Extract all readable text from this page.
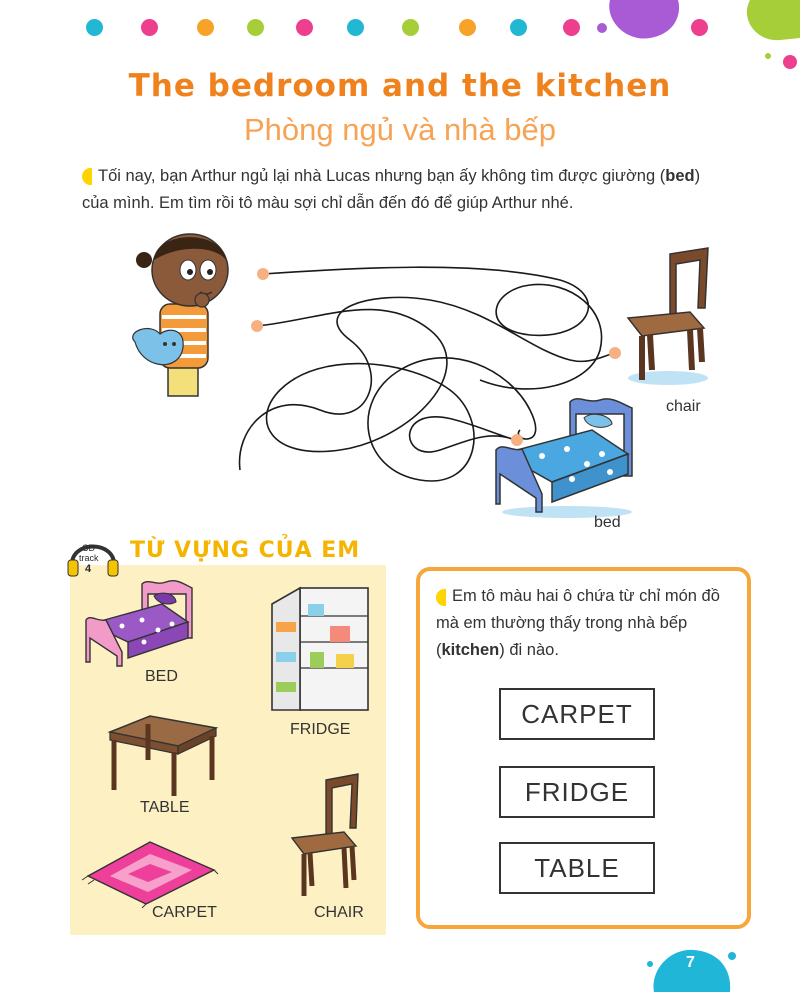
The bedroom and the kitchen
Phòng ngủ và nhà bếp
Tối nay, bạn Arthur ngủ lại nhà Lucas nhưng bạn ấy không tìm được giường (bed)
của mình. Em tìm rồi tô màu sợi chỉ dẫn đến đó để giúp Arthur nhé.
chair
bed
CD
track
4
TỪ VỰNG CỦA EM
BED
FRIDGE
TABLE
CHAIR
CARPET
Em tô màu hai ô chứa từ chỉ món đồ
mà em thường thấy trong nhà bếp
(kitchen) đi nào.
CARPET
FRIDGE
TABLE
7
